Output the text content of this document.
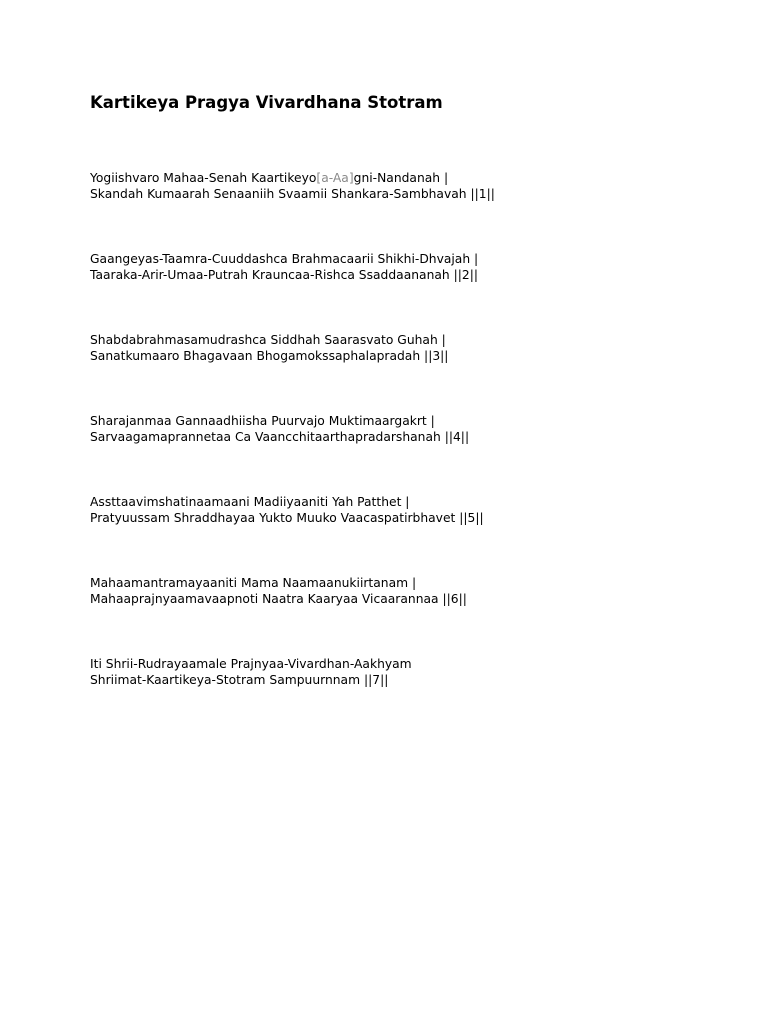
Kartikeya Pragya Vivardhana Stotram

Yogiishvaro Mahaa-Senah Kaartikeyo[a-Aa]gni-Nandanah |
Skandah Kumaarah Senaaniih Svaamii Shankara-Sambhavah ||1||

Gaangeyas-Taamra-Cuuddashca Brahmacaarii Shikhi-Dhvajah |
Taaraka-Arir-Umaa-Putrah Krauncaa-Rishca Ssaddaananah ||2||

Shabdabrahmasamudrashca Siddhah Saarasvato Guhah |
Sanatkumaaro Bhagavaan Bhogamokssaphalapradah ||3||

Sharajanmaa Gannaadhiisha Puurvajo Muktimaargakrt |
Sarvaagamaprannetaa Ca Vaancchitaarthapradarshanah ||4||

Assttaavimshatinaamaani Madiiyaaniti Yah Patthet |
Pratyuussam Shraddhayaa Yukto Muuko Vaacaspatirbhavet ||5||

Mahaamantramayaaniti Mama Naamaanukiirtanam |
Mahaaprajnyaamavaapnoti Naatra Kaaryaa Vicaarannaa ||6||

Iti Shrii-Rudrayaamale Prajnyaa-Vivardhan-Aakhyam
Shriimat-Kaartikeya-Stotram Sampuurnnam ||7||
